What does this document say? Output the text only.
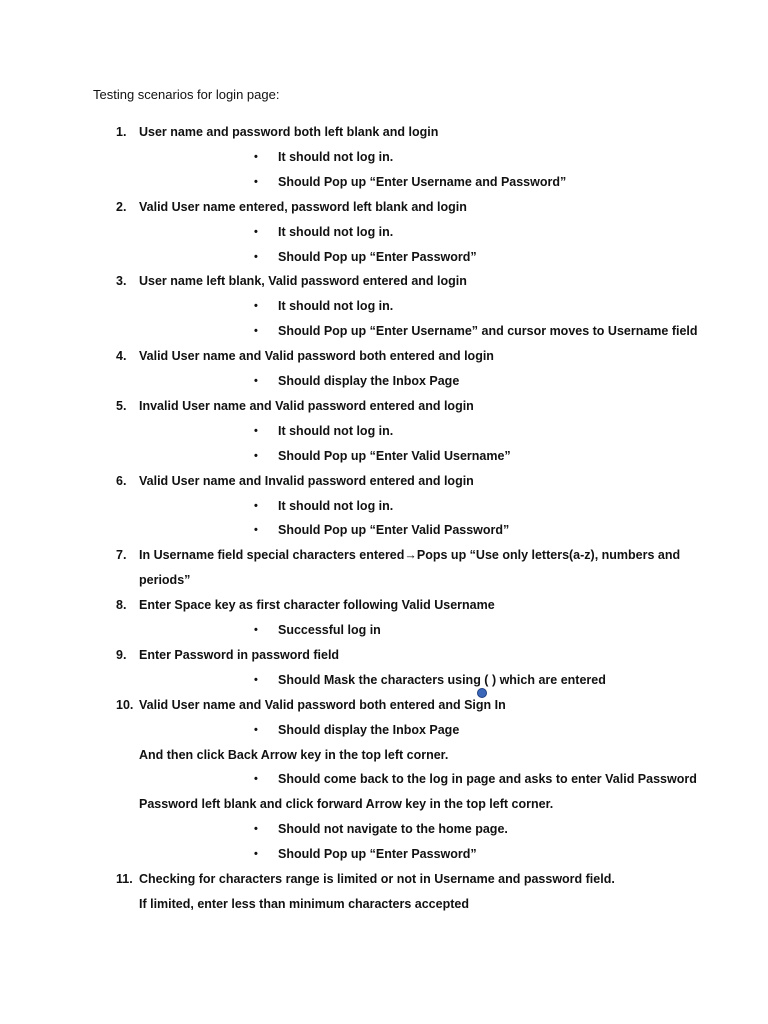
Testing scenarios for login page:
1.	User name and password both left blank and login
• It should not log in.
• Should Pop up “Enter Username and Password”
2.	Valid User name entered, password left blank and login
• It should not log in.
• Should Pop up “Enter Password”
3.	User name left blank, Valid password entered and login
• It should not log in.
• Should Pop up “Enter Username” and cursor moves to Username field
4.	Valid User name and Valid password both entered and login
• Should display the Inbox Page
5.	Invalid User name and Valid password entered and login
• It should not log in.
• Should Pop up “Enter Valid Username”
6.	Valid User name and Invalid password entered and login
• It should not log in.
• Should Pop up “Enter Valid Password”
7.	In Username field special characters entered→Pops up “Use only letters(a-z), numbers and
periods”
8.	Enter Space key as first character following Valid Username
• Successful log in
9.	Enter Password in password field
• Should Mask the characters using ( ) which are entered
10. Valid User name and Valid password both entered and Sign In
• Should display the Inbox Page
And then click Back Arrow key in the top left corner.
• Should come back to the log in page and asks to enter Valid Password
Password left blank and click forward Arrow key in the top left corner.
• Should not navigate to the home page.
• Should Pop up “Enter Password”
11. Checking for characters range is limited or not in Username and password field.
If limited, enter less than minimum characters accepted
